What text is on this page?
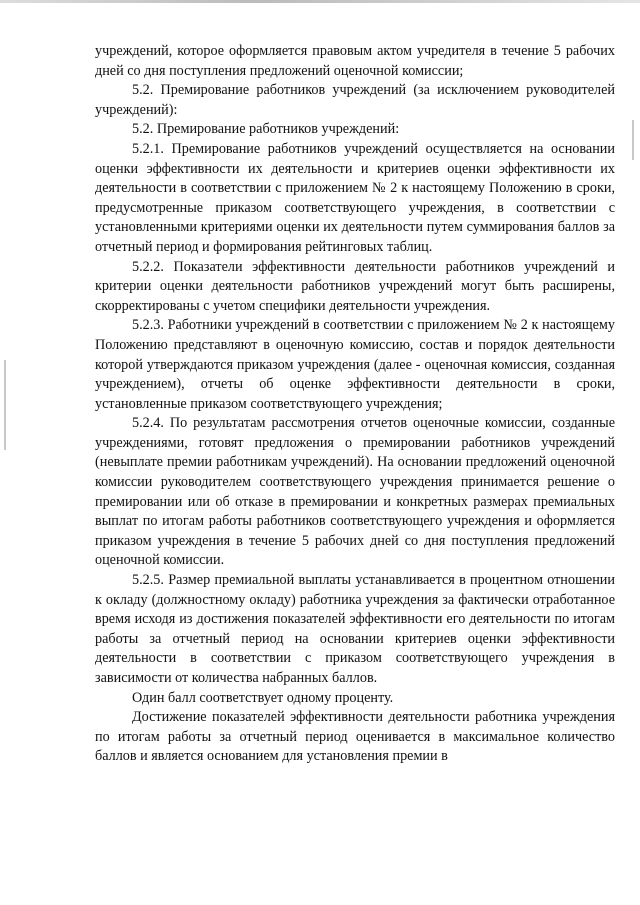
учреждений, которое оформляется правовым актом учредителя в течение 5 рабочих дней со дня поступления предложений оценочной комиссии;

5.2. Премирование работников учреждений (за исключением руководителей учреждений):

5.2. Премирование работников учреждений:

5.2.1. Премирование работников учреждений осуществляется на основании оценки эффективности их деятельности и критериев оценки эффективности их деятельности в соответствии с приложением № 2 к настоящему Положению в сроки, предусмотренные приказом соответствующего учреждения, в соответствии с установленными критериями оценки их деятельности путем суммирования баллов за отчетный период и формирования рейтинговых таблиц.

5.2.2. Показатели эффективности деятельности работников учреждений и критерии оценки деятельности работников учреждений могут быть расширены, скорректированы с учетом специфики деятельности учреждения.

5.2.3. Работники учреждений в соответствии с приложением № 2 к настоящему Положению представляют в оценочную комиссию, состав и порядок деятельности которой утверждаются приказом учреждения (далее - оценочная комиссия, созданная учреждением), отчеты об оценке эффективности деятельности в сроки, установленные приказом соответствующего учреждения;

5.2.4. По результатам рассмотрения отчетов оценочные комиссии, созданные учреждениями, готовят предложения о премировании работников учреждений (невыплате премии работникам учреждений). На основании предложений оценочной комиссии руководителем соответствующего учреждения принимается решение о премировании или об отказе в премировании и конкретных размерах премиальных выплат по итогам работы работников соответствующего учреждения и оформляется приказом учреждения в течение 5 рабочих дней со дня поступления предложений оценочной комиссии.

5.2.5. Размер премиальной выплаты устанавливается в процентном отношении к окладу (должностному окладу) работника учреждения за фактически отработанное время исходя из достижения показателей эффективности его деятельности по итогам работы за отчетный период на основании критериев оценки эффективности деятельности в соответствии с приказом соответствующего учреждения в зависимости от количества набранных баллов.

Один балл соответствует одному проценту.

Достижение показателей эффективности деятельности работника учреждения по итогам работы за отчетный период оценивается в максимальное количество баллов и является основанием для установления премии в
